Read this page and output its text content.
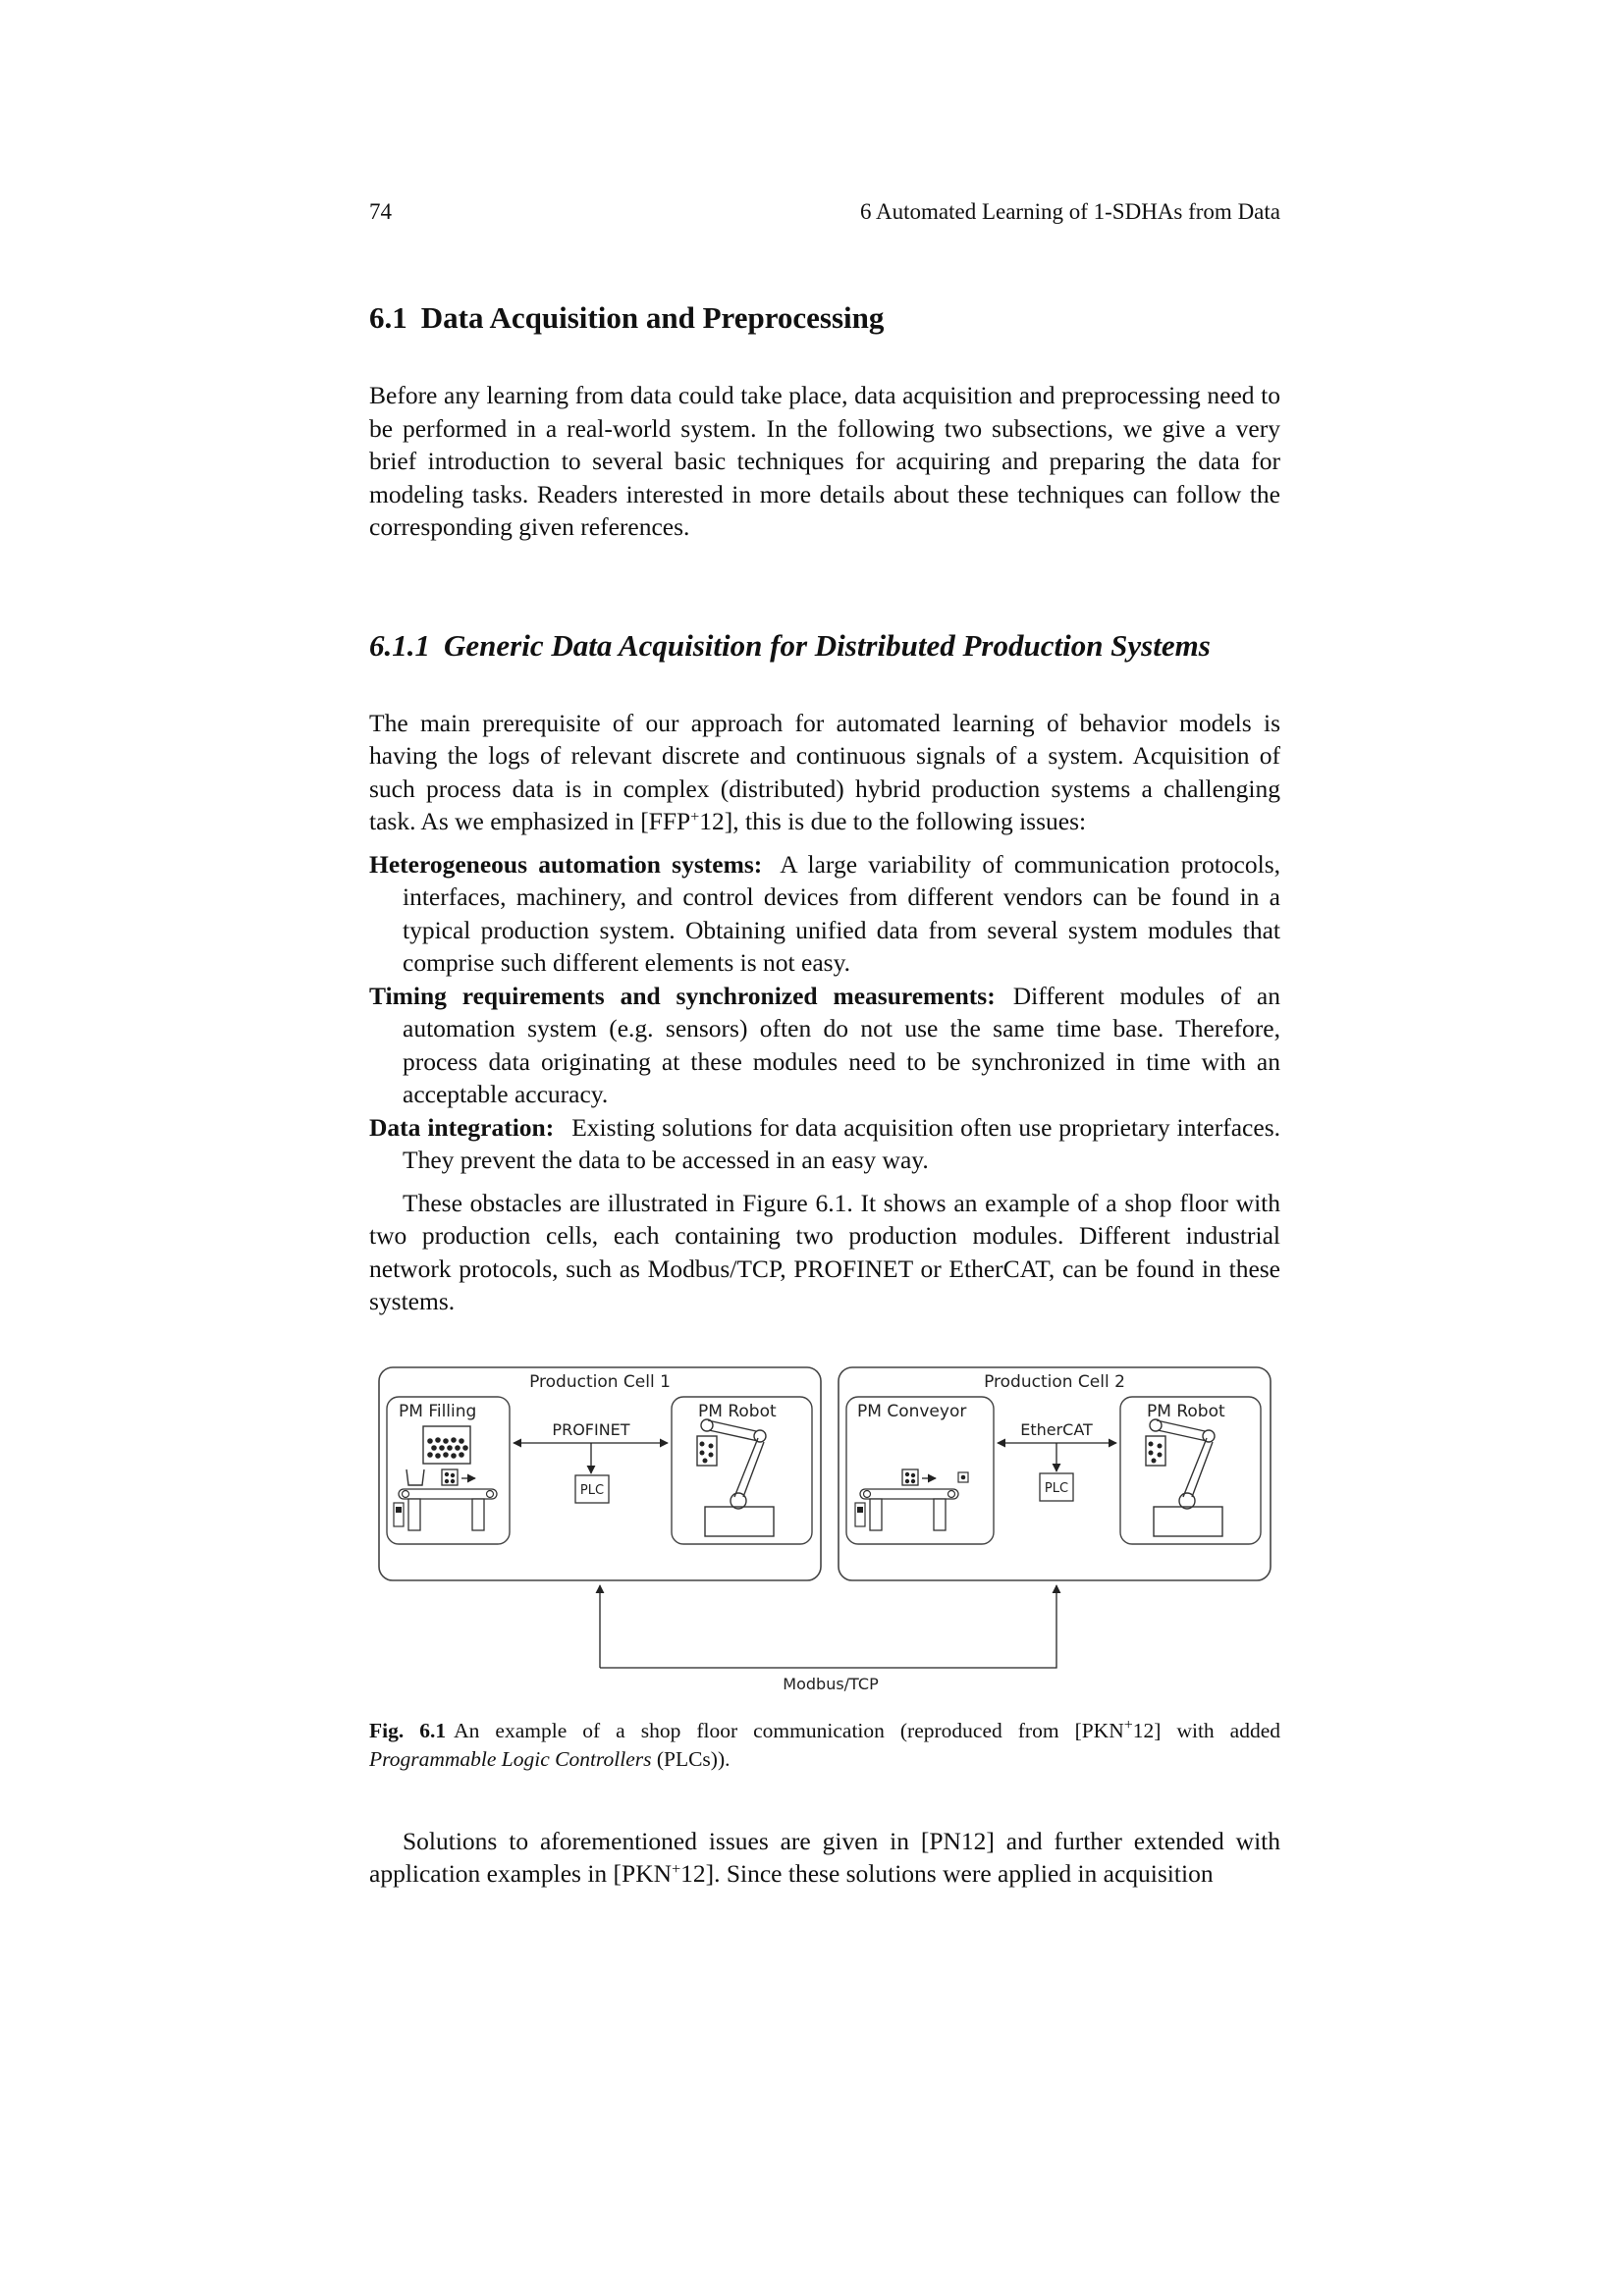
74	6 Automated Learning of 1-SDHAs from Data
6.1 Data Acquisition and Preprocessing

Before any learning from data could take place, data acquisition and preprocessing need to be performed in a real-world system. In the following two subsections, we give a very brief introduction to several basic techniques for acquiring and preparing the data for modeling tasks. Readers interested in more details about these techniques can follow the corresponding given references.

6.1.1 Generic Data Acquisition for Distributed Production Systems

The main prerequisite of our approach for automated learning of behavior models is having the logs of relevant discrete and continuous signals of a system. Acquisition of such process data is in complex (distributed) hybrid production systems a challenging task. As we emphasized in [FFP+12], this is due to the following issues:

Heterogeneous automation systems: A large variability of communication protocols, interfaces, machinery, and control devices from different vendors can be found in a typical production system. Obtaining unified data from several system modules that comprise such different elements is not easy.
Timing requirements and synchronized measurements: Different modules of an automation system (e.g. sensors) often do not use the same time base. Therefore, process data originating at these modules need to be synchronized in time with an acceptable accuracy.
Data integration: Existing solutions for data acquisition often use proprietary interfaces. They prevent the data to be accessed in an easy way.

These obstacles are illustrated in Figure 6.1. It shows an example of a shop floor with two production cells, each containing two production modules. Different industrial network protocols, such as Modbus/TCP, PROFINET or EtherCAT, can be found in these systems.

Production Cell 1
PM Filling	PM Robot
PROFINET
PLC
Production Cell 2
PM Conveyor	PM Robot
EtherCAT
PLC
Modbus/TCP

Fig. 6.1 An example of a shop floor communication (reproduced from [PKN+12] with added Programmable Logic Controllers (PLCs)).

Solutions to aforementioned issues are given in [PN12] and further extended with application examples in [PKN+12]. Since these solutions were applied in acquisition
